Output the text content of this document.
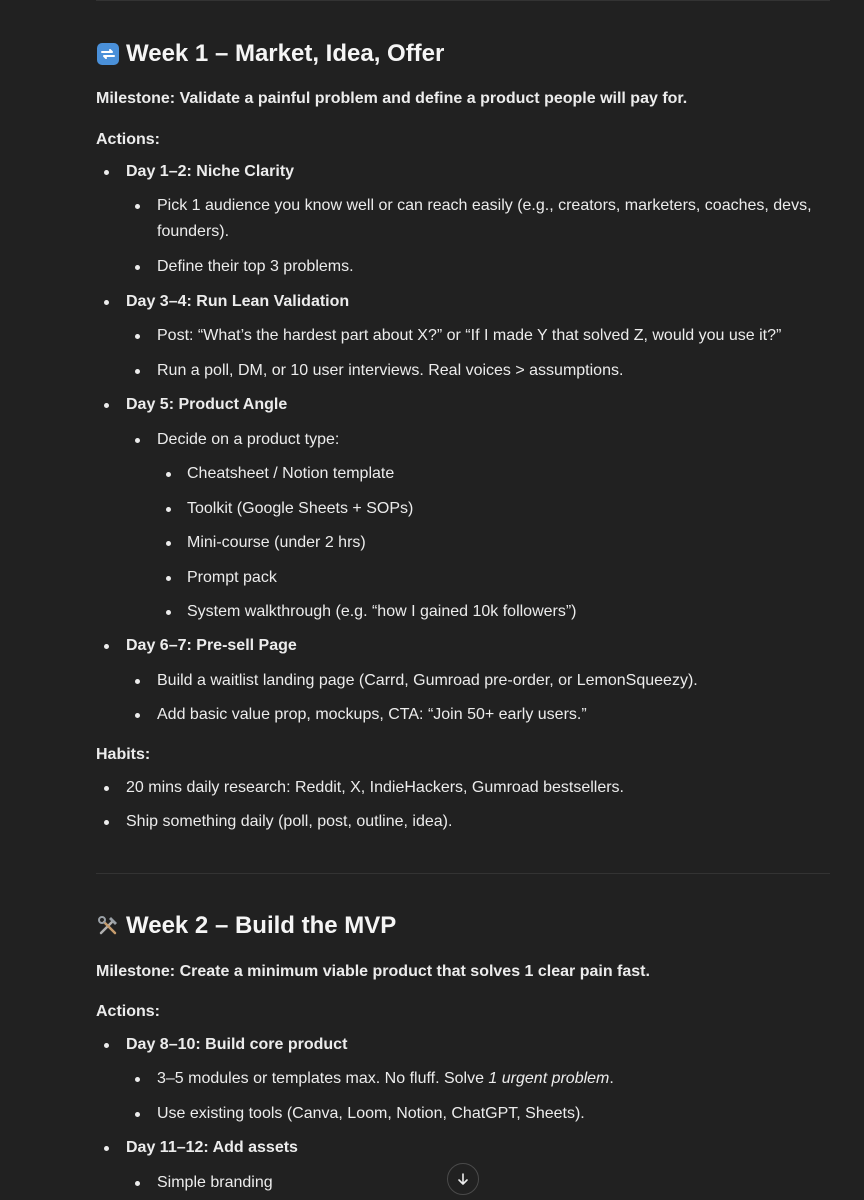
Week 1 – Market, Idea, Offer
Milestone: Validate a painful problem and define a product people will pay for.
Actions:
Day 1–2: Niche Clarity
Pick 1 audience you know well or can reach easily (e.g., creators, marketers, coaches, devs,
founders).
Define their top 3 problems.
Day 3–4: Run Lean Validation
Post: “What’s the hardest part about X?” or “If I made Y that solved Z, would you use it?”
Run a poll, DM, or 10 user interviews. Real voices > assumptions.
Day 5: Product Angle
Decide on a product type:
Cheatsheet / Notion template
Toolkit (Google Sheets + SOPs)
Mini-course (under 2 hrs)
Prompt pack
System walkthrough (e.g. “how I gained 10k followers”)
Day 6–7: Pre-sell Page
Build a waitlist landing page (Carrd, Gumroad pre-order, or LemonSqueezy).
Add basic value prop, mockups, CTA: “Join 50+ early users.”
Habits:
20 mins daily research: Reddit, X, IndieHackers, Gumroad bestsellers.
Ship something daily (poll, post, outline, idea).
Week 2 – Build the MVP
Milestone: Create a minimum viable product that solves 1 clear pain fast.
Actions:
Day 8–10: Build core product
3–5 modules or templates max. No fluff. Solve 1 urgent problem.
Use existing tools (Canva, Loom, Notion, ChatGPT, Sheets).
Day 11–12: Add assets
Simple branding
